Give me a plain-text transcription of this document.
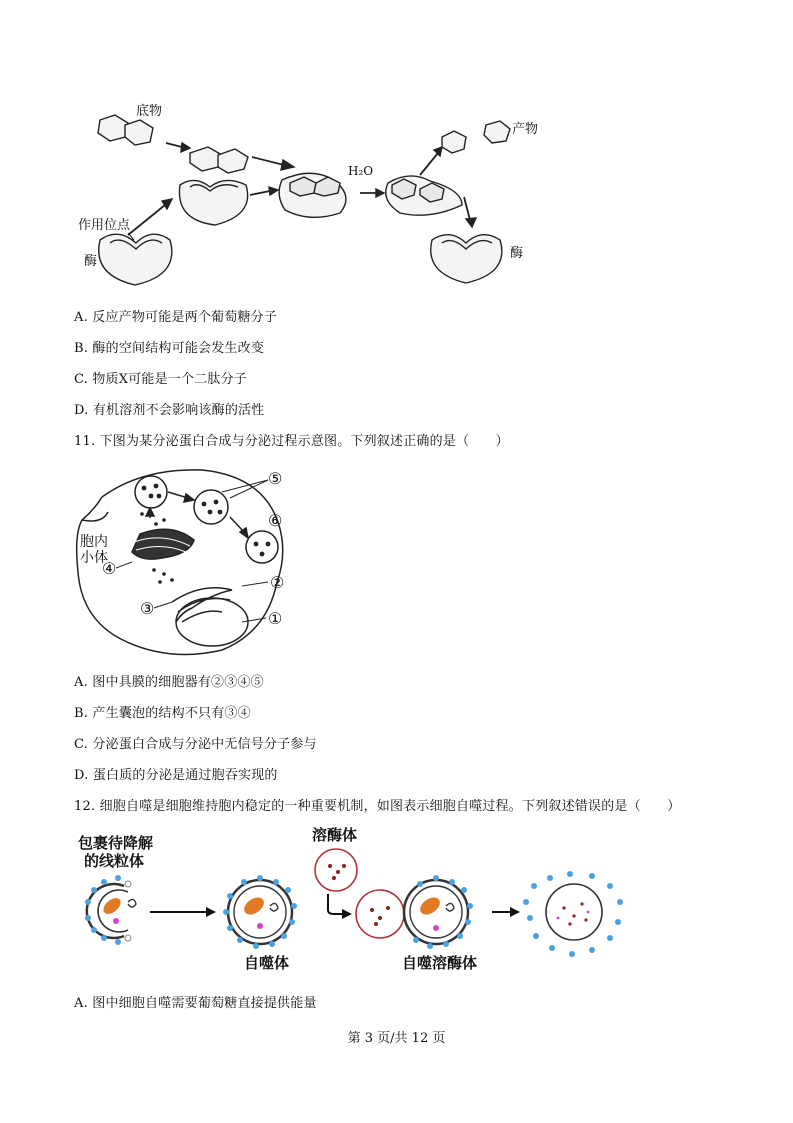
底物
H₂O
产物
作用位点
酶
酶
A. 反应产物可能是两个葡萄糖分子
B. 酶的空间结构可能会发生改变
C. 物质X可能是一个二肽分子
D. 有机溶剂不会影响该酶的活性
11. 下图为某分泌蛋白合成与分泌过程示意图。下列叙述正确的是（　　）
胞内
小体
⑤
⑥
④
②
③
①
A. 图中具膜的细胞器有②③④⑤
B. 产生囊泡的结构不只有③④
C. 分泌蛋白合成与分泌中无信号分子参与
D. 蛋白质的分泌是通过胞吞实现的
12. 细胞自噬是细胞维持胞内稳定的一种重要机制，如图表示细胞自噬过程。下列叙述错误的是（　　）
包裹待降解
的线粒体
溶酶体
自噬体	自噬溶酶体
A. 图中细胞自噬需要葡萄糖直接提供能量
第 3 页/共 12 页
